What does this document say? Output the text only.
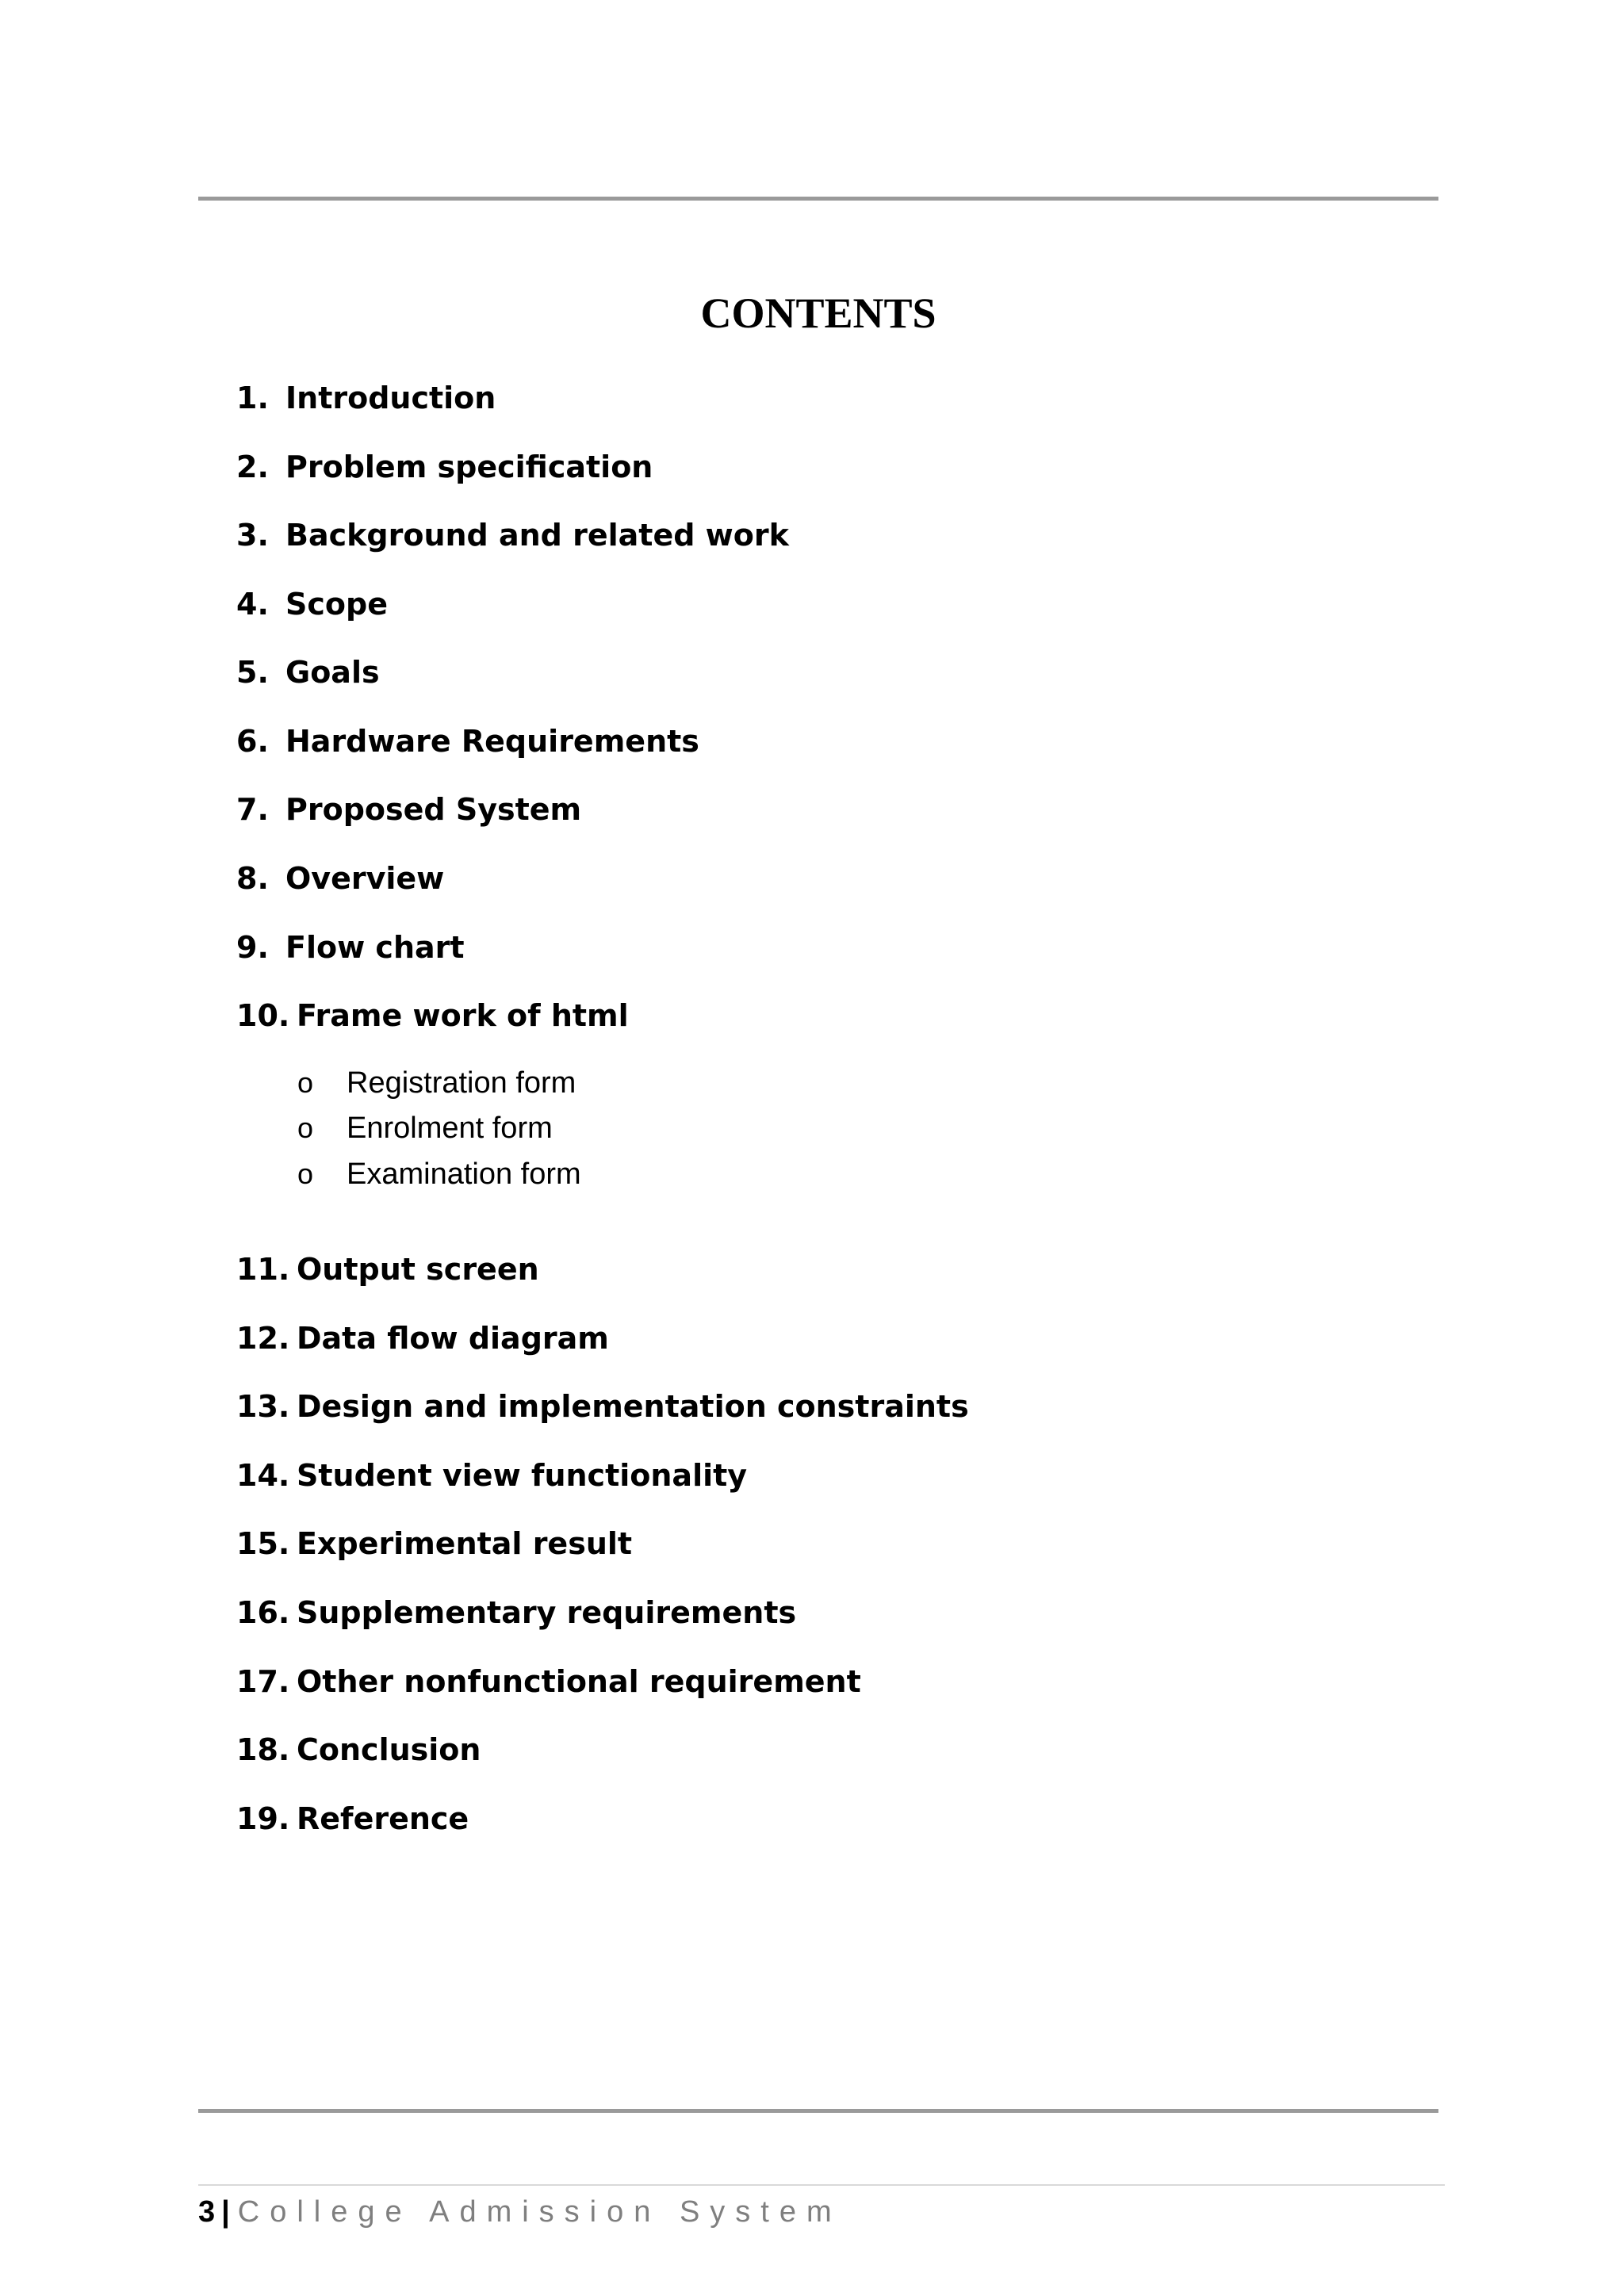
CONTENTS
1. Introduction
2. Problem specification
3. Background and related work
4. Scope
5. Goals
6. Hardware Requirements
7. Proposed System
8. Overview
9. Flow chart
10. Frame work of html
o Registration form
o Enrolment form
o Examination form
11. Output screen
12. Data flow diagram
13. Design and implementation constraints
14. Student view functionality
15. Experimental result
16. Supplementary requirements
17. Other nonfunctional requirement
18. Conclusion
19. Reference
3 | College Admission System
